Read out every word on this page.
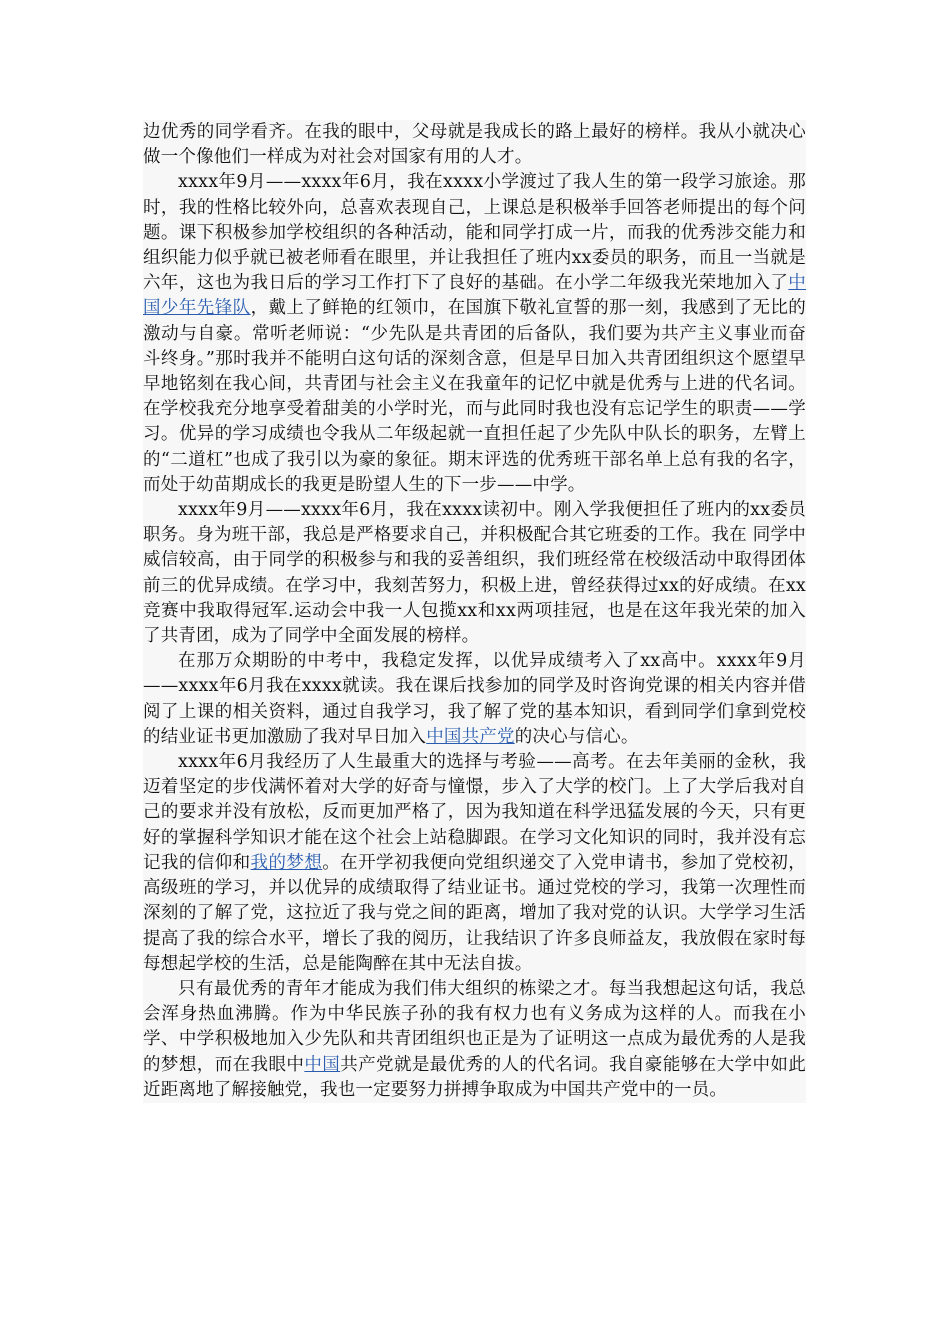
边优秀的同学看齐。在我的眼中，父母就是我成长的路上最好的榜样。我从小就决心做一个像他们一样成为对社会对国家有用的人才。

xxxx年9月——xxxx年6月，我在xxxx小学渡过了我人生的第一段学习旅途。那时，我的性格比较外向，总喜欢表现自己，上课总是积极举手回答老师提出的每个问题。课下积极参加学校组织的各种活动，能和同学打成一片，而我的优秀涉交能力和组织能力似乎就已被老师看在眼里，并让我担任了班内xx委员的职务，而且一当就是六年，这也为我日后的学习工作打下了良好的基础。在小学二年级我光荣地加入了中国少年先锋队，戴上了鲜艳的红领巾，在国旗下敬礼宣誓的那一刻，我感到了无比的激动与自豪。常听老师说：“少先队是共青团的后备队，我们要为共产主义事业而奋斗终身。”那时我并不能明白这句话的深刻含意，但是早日加入共青团组织这个愿望早早地铭刻在我心间，共青团与社会主义在我童年的记忆中就是优秀与上进的代名词。在学校我充分地享受着甜美的小学时光，而与此同时我也没有忘记学生的职责——学习。优异的学习成绩也令我从二年级起就一直担任起了少先队中队长的职务，左臂上的“二道杠”也成了我引以为豪的象征。期末评选的优秀班干部名单上总有我的名字，而处于幼苗期成长的我更是盼望人生的下一步——中学。

xxxx年9月——xxxx年6月，我在xxxx读初中。刚入学我便担任了班内的xx委员职务。身为班干部，我总是严格要求自己，并积极配合其它班委的工作。我在 同学中威信较高，由于同学的积极参与和我的妥善组织，我们班经常在校级活动中取得团体前三的优异成绩。在学习中，我刻苦努力，积极上进，曾经获得过xx的好成绩。在xx竞赛中我取得冠军.运动会中我一人包揽xx和xx两项挂冠，也是在这年我光荣的加入了共青团，成为了同学中全面发展的榜样。

在那万众期盼的中考中，我稳定发挥，以优异成绩考入了xx高中。xxxx年9月——xxxx年6月我在xxxx就读。我在课后找参加的同学及时咨询党课的相关内容并借阅了上课的相关资料，通过自我学习，我了解了党的基本知识，看到同学们拿到党校的结业证书更加激励了我对早日加入中国共产党的决心与信心。

xxxx年6月我经历了人生最重大的选择与考验——高考。在去年美丽的金秋，我迈着坚定的步伐满怀着对大学的好奇与憧憬，步入了大学的校门。上了大学后我对自己的要求并没有放松，反而更加严格了，因为我知道在科学迅猛发展的今天，只有更好的掌握科学知识才能在这个社会上站稳脚跟。在学习文化知识的同时，我并没有忘记我的信仰和我的梦想。在开学初我便向党组织递交了入党申请书，参加了党校初，高级班的学习，并以优异的成绩取得了结业证书。通过党校的学习，我第一次理性而深刻的了解了党，这拉近了我与党之间的距离，增加了我对党的认识。大学学习生活提高了我的综合水平，增长了我的阅历，让我结识了许多良师益友，我放假在家时每每想起学校的生活，总是能陶醉在其中无法自拔。

只有最优秀的青年才能成为我们伟大组织的栋梁之才。每当我想起这句话，我总会浑身热血沸腾。作为中华民族子孙的我有权力也有义务成为这样的人。而我在小学、中学积极地加入少先队和共青团组织也正是为了证明这一点成为最优秀的人是我的梦想，而在我眼中中国共产党就是最优秀的人的代名词。我自豪能够在大学中如此近距离地了解接触党，我也一定要努力拼搏争取成为中国共产党中的一员。
